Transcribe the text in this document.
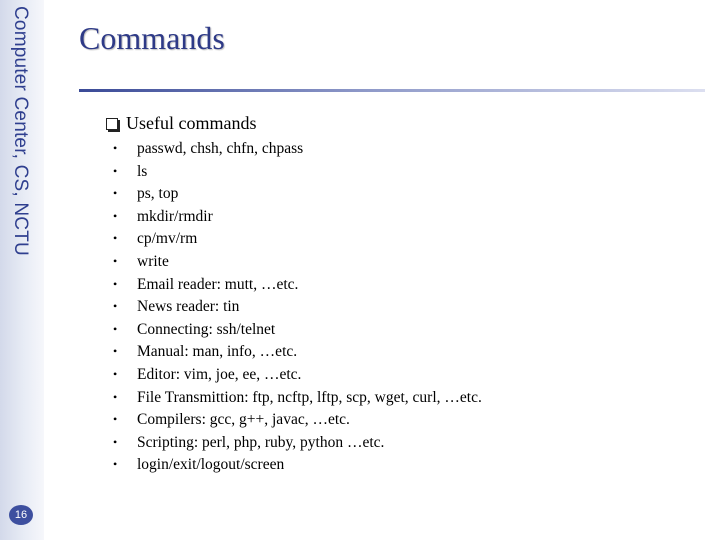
Computer Center, CS, NCTU
16
Commands
Useful commands
• passwd, chsh, chfn, chpass
• ls
• ps, top
• mkdir/rmdir
• cp/mv/rm
• write
• Email reader: mutt, …etc.
• News reader: tin
• Connecting: ssh/telnet
• Manual: man, info, …etc.
• Editor: vim, joe, ee, …etc.
• File Transmittion: ftp, ncftp, lftp, scp, wget, curl, …etc.
• Compilers: gcc, g++, javac, …etc.
• Scripting: perl, php, ruby, python …etc.
• login/exit/logout/screen
